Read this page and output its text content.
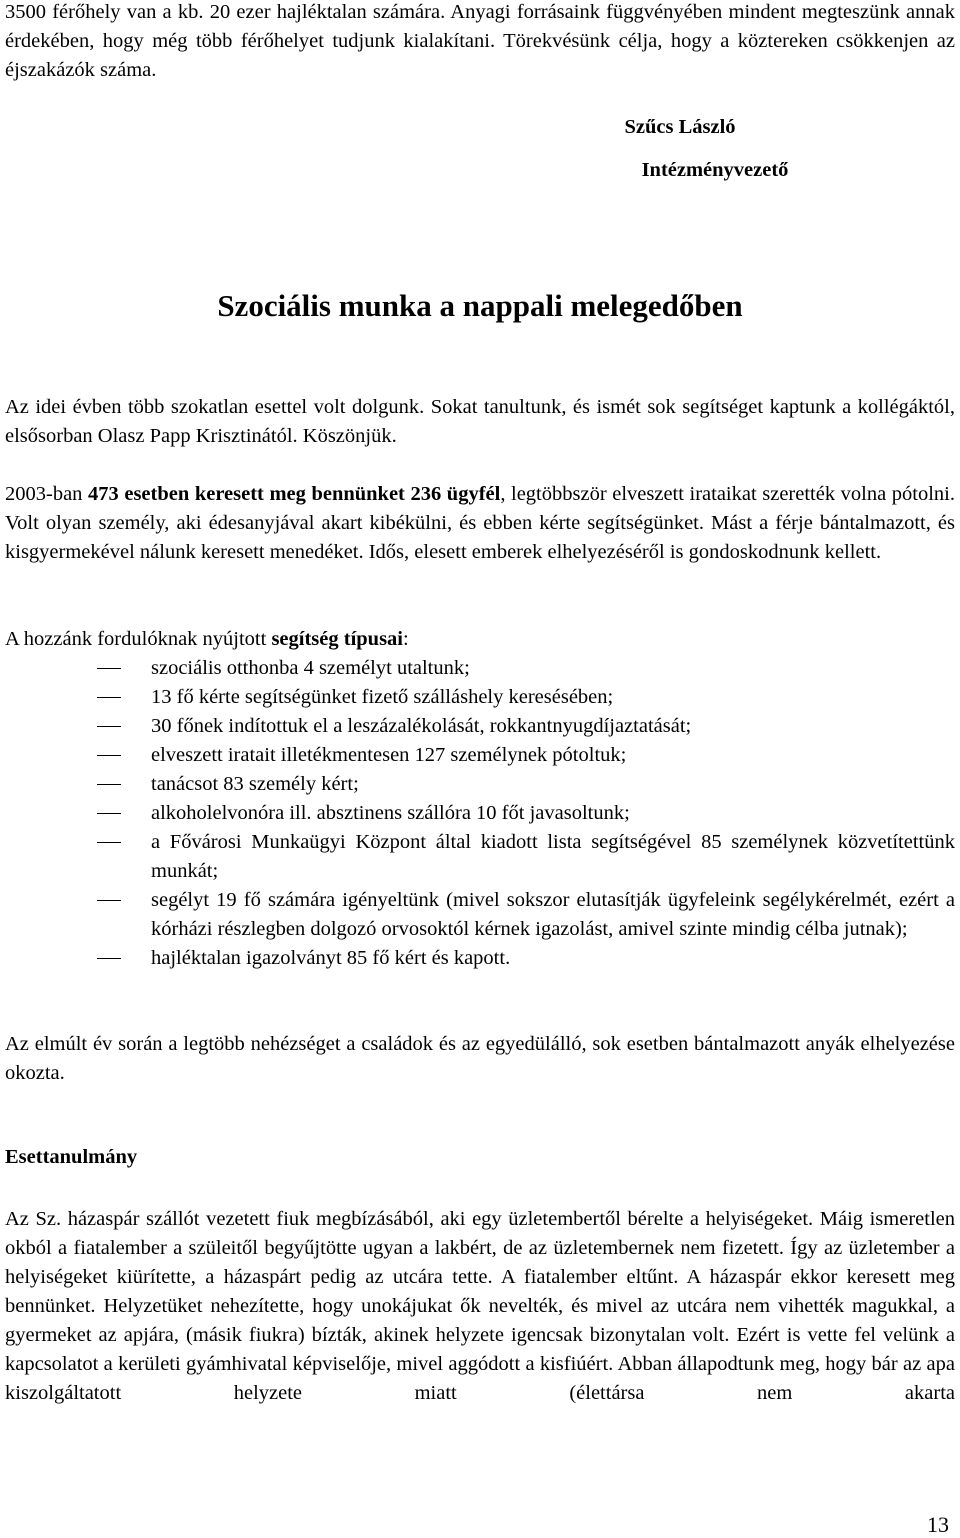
3500 férőhely van a kb. 20 ezer hajléktalan számára. Anyagi forrásaink függvényében mindent megteszünk annak érdekében, hogy még több férőhelyet tudjunk kialakítani. Törekvésünk célja, hogy a köztereken csökkenjen az éjszakázók száma.

Szűcs László

Intézményvezető

Szociális munka a nappali melegedőben

Az idei évben több szokatlan esettel volt dolgunk. Sokat tanultunk, és ismét sok segítséget kaptunk a kollégáktól, elsősorban Olasz Papp Krisztinától. Köszönjük.

2003-ban 473 esetben keresett meg bennünket 236 ügyfél, legtöbbször elveszett irataikat szerették volna pótolni. Volt olyan személy, aki édesanyjával akart kibékülni, és ebben kérte segítségünket. Mást a férje bántalmazott, és kisgyermekével nálunk keresett menedéket. Idős, elesett emberek elhelyezéséről is gondoskodnunk kellett.

A hozzánk fordulóknak nyújtott segítség típusai:

szociális otthonba 4 személyt utaltunk;
13 fő kérte segítségünket fizető szálláshely keresésében;
30 főnek indítottuk el a leszázalékolását, rokkantnyugdíjaztatását;
elveszett iratait illetékmentesen 127 személynek pótoltuk;
tanácsot 83 személy kért;
alkoholelvonóra ill. absztinens szállóra 10 főt javasoltunk;
a Fővárosi Munkaügyi Központ által kiadott lista segítségével 85 személynek közvetítettünk munkát;
segélyt 19 fő számára igényeltünk (mivel sokszor elutasítják ügyfeleink segélykérelmét, ezért a kórházi részlegben dolgozó orvosoktól kérnek igazolást, amivel szinte mindig célba jutnak);
hajléktalan igazolványt 85 fő kért és kapott.

Az elmúlt év során a legtöbb nehézséget a családok és az egyedülálló, sok esetben bántalmazott anyák elhelyezése okozta.

Esettanulmány

Az Sz. házaspár szállót vezetett fiuk megbízásából, aki egy üzletembertől bérelte a helyiségeket. Máig ismeretlen okból a fiatalember a szüleitől begyűjtötte ugyan a lakbért, de az üzletembernek nem fizetett. Így az üzletember a helyiségeket kiürítette, a házaspárt pedig az utcára tette. A fiatalember eltűnt. A házaspár ekkor keresett meg bennünket. Helyzetüket nehezítette, hogy unokájukat ők nevelték, és mivel az utcára nem vihették magukkal, a gyermeket az apjára, (másik fiukra) bízták, akinek helyzete igencsak bizonytalan volt. Ezért is vette fel velünk a kapcsolatot a kerületi gyámhivatal képviselője, mivel aggódott a kisfiúért. Abban állapodtunk meg, hogy bár az apa kiszolgáltatott helyzete miatt (élettársa nem akarta

13
